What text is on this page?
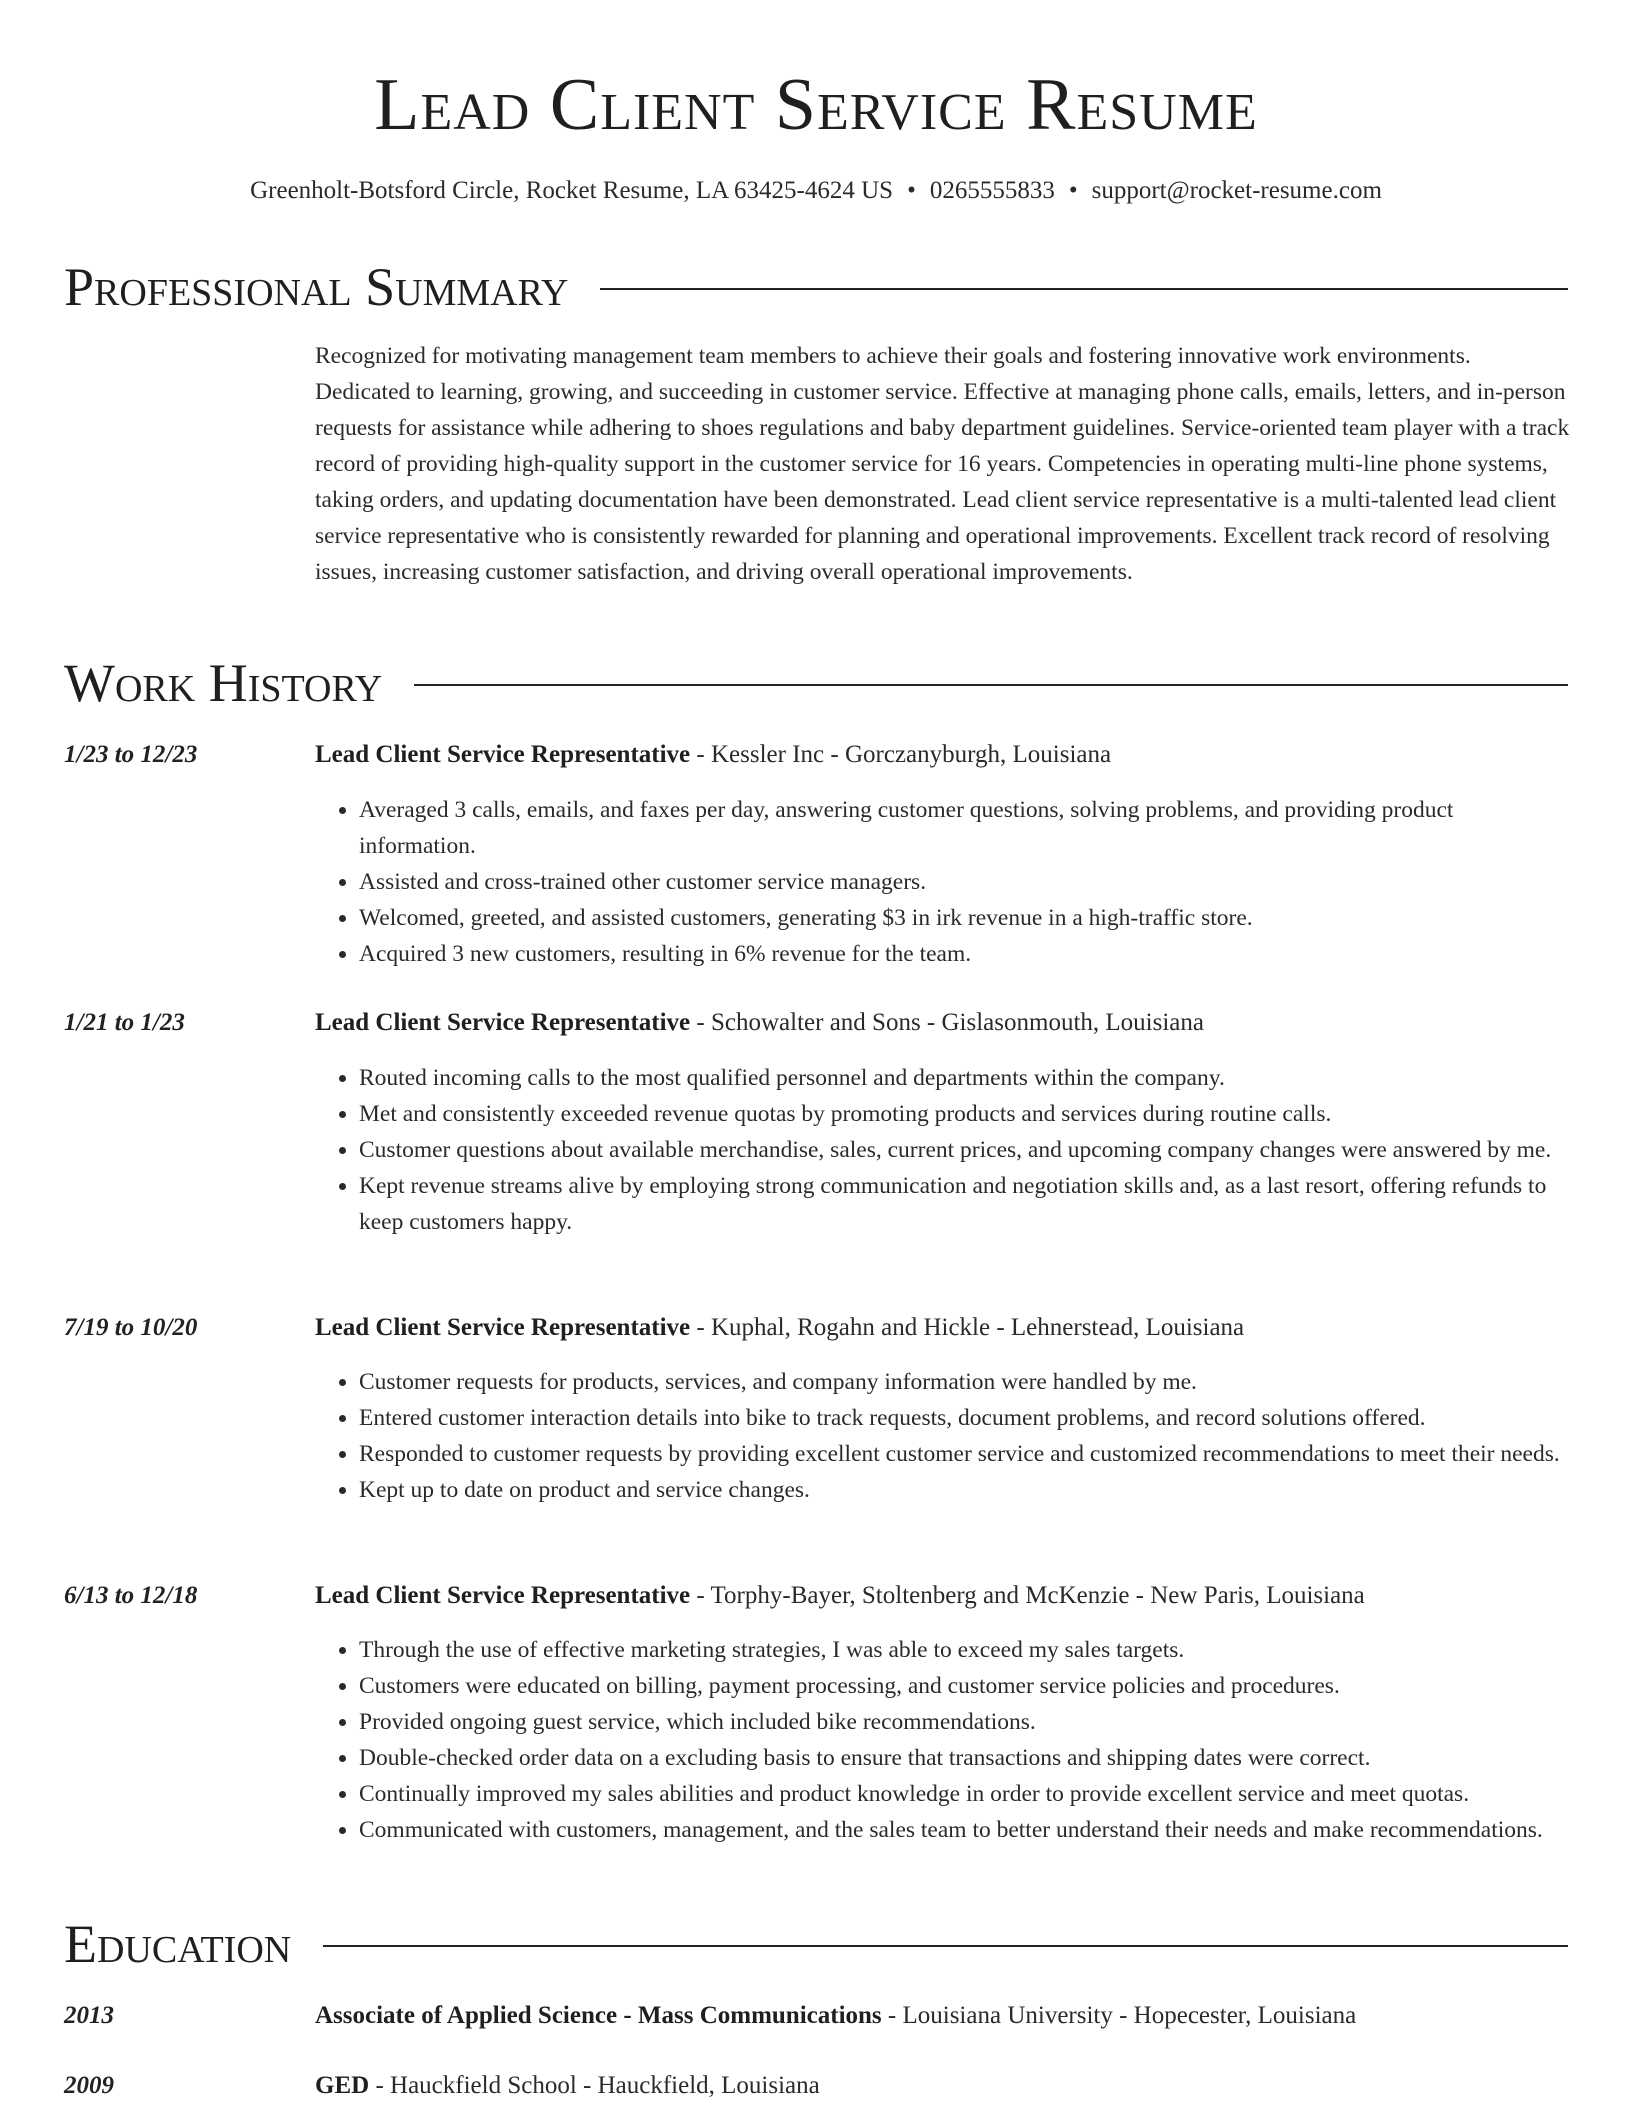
Lead Client Service Resume
Greenholt-Botsford Circle, Rocket Resume, LA 63425-4624 US • 0265555833 • support@rocket-resume.com
Professional Summary
Recognized for motivating management team members to achieve their goals and fostering innovative work environments. Dedicated to learning, growing, and succeeding in customer service. Effective at managing phone calls, emails, letters, and in-person requests for assistance while adhering to shoes regulations and baby department guidelines. Service-oriented team player with a track record of providing high-quality support in the customer service for 16 years. Competencies in operating multi-line phone systems, taking orders, and updating documentation have been demonstrated. Lead client service representative is a multi-talented lead client service representative who is consistently rewarded for planning and operational improvements. Excellent track record of resolving issues, increasing customer satisfaction, and driving overall operational improvements.
Work History
1/23 to 12/23	Lead Client Service Representative - Kessler Inc - Gorczanyburgh, Louisiana
• Averaged 3 calls, emails, and faxes per day, answering customer questions, solving problems, and providing product information.
• Assisted and cross-trained other customer service managers.
• Welcomed, greeted, and assisted customers, generating $3 in irk revenue in a high-traffic store.
• Acquired 3 new customers, resulting in 6% revenue for the team.
1/21 to 1/23	Lead Client Service Representative - Schowalter and Sons - Gislasonmouth, Louisiana
• Routed incoming calls to the most qualified personnel and departments within the company.
• Met and consistently exceeded revenue quotas by promoting products and services during routine calls.
• Customer questions about available merchandise, sales, current prices, and upcoming company changes were answered by me.
• Kept revenue streams alive by employing strong communication and negotiation skills and, as a last resort, offering refunds to keep customers happy.
7/19 to 10/20	Lead Client Service Representative - Kuphal, Rogahn and Hickle - Lehnerstead, Louisiana
• Customer requests for products, services, and company information were handled by me.
• Entered customer interaction details into bike to track requests, document problems, and record solutions offered.
• Responded to customer requests by providing excellent customer service and customized recommendations to meet their needs.
• Kept up to date on product and service changes.
6/13 to 12/18	Lead Client Service Representative - Torphy-Bayer, Stoltenberg and McKenzie - New Paris, Louisiana
• Through the use of effective marketing strategies, I was able to exceed my sales targets.
• Customers were educated on billing, payment processing, and customer service policies and procedures.
• Provided ongoing guest service, which included bike recommendations.
• Double-checked order data on a excluding basis to ensure that transactions and shipping dates were correct.
• Continually improved my sales abilities and product knowledge in order to provide excellent service and meet quotas.
• Communicated with customers, management, and the sales team to better understand their needs and make recommendations.
Education
2013	Associate of Applied Science - Mass Communications - Louisiana University - Hopecester, Louisiana
2009	GED - Hauckfield School - Hauckfield, Louisiana
